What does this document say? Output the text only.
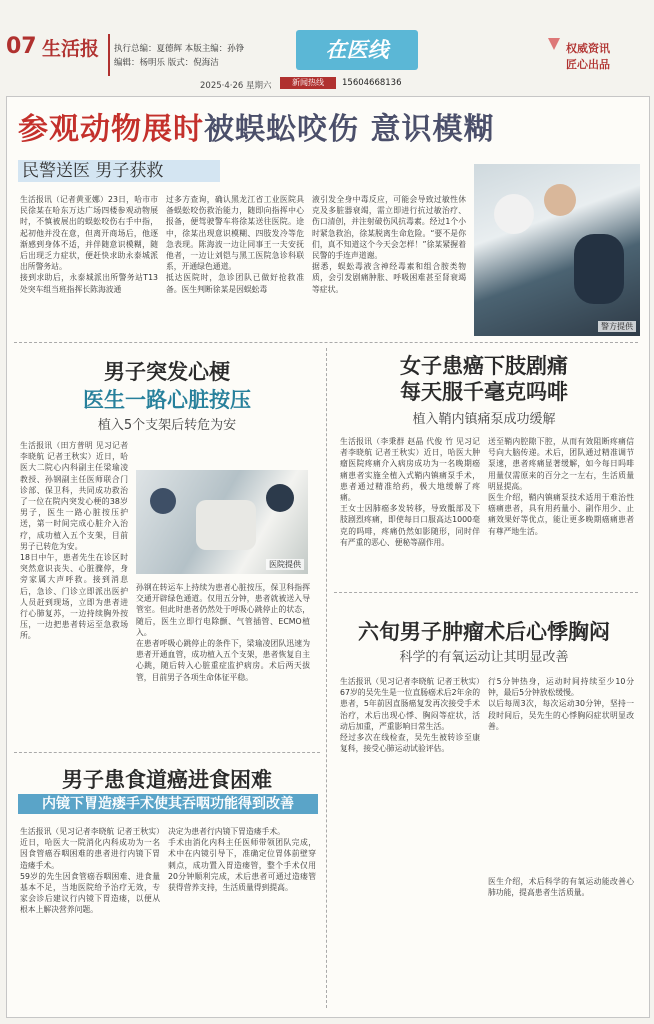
07 生活报 执行总编：夏德辉 本版主编：孙铮
编辑：杨明乐 版式：倪海洁
在医线	权威资讯
匠心出品
2025·4·26 星期六	新闻热线	15604668136
参观动物展时被蜈蚣咬伤 意识模糊
民警送医 男子获救
生活报讯（记者黄亚娜）23日，哈市市民徐某在哈东万达广场四楼参观动物展时，不慎被展出的蜈蚣咬伤右手中指，起初他并没在意，但离开商场后，他逐渐感到身体不适，并伴随意识模糊，随后出现乏力症状，便赶快求助永泰城派出所警务站。
接到求助后，永泰城派出所警务站T13处突车组当班指挥长陈海波通
过多方查询，确认黑龙江省工业医院具备蜈蚣咬伤救治能力，随即向指挥中心报备，便驾驶警车将徐某送往医院。途中，徐某出现意识模糊、四肢发冷等危急表现。陈海波一边让同事王一夫安抚他者，一边让刘铠与黑工医院急诊科联系，开通绿色通道。
抵达医院时，急诊团队已做好抢救准备。医生判断徐某是因蜈蚣毒
液引发全身中毒反应，可能会导致过敏性休克及多脏器衰竭，需立即进行抗过敏治疗、伤口清创，并注射破伤风抗毒素。经过1个小时紧急救治，徐某脱离生命危险。“要不是你们，真不知道这个今天会怎样！”徐某紧握着民警的手连声道谢。
据悉，蜈蚣毒液含神经毒素和组合胺类物质，会引发剧痛肿胀、呼吸困难甚至肾衰竭等症状。
警方提供
男子突发心梗
医生一路心脏按压
植入5个支架后转危为安
生活报讯（田方普明 见习记者李晓航 记者王秋实）近日，哈医大二院心内科副主任梁瑜凌教授、孙钢副主任医师联合门诊部、保卫科，共同成功救治了一位在院内突发心梗的38岁男子，医生一路心脏按压护送，第一时间完成心脏介入治疗，成功植入五个支架，目前男子已转危为安。
18日中午，患者先生在诊区时突然意识丧失、心脏骤停，身旁家属大声呼救。接到消息后，急诊、门诊立即派出医护人员赶到现场，立即为患者进行心肺复苏，一边持续胸外按压，一边把患者转运至急救场所。
医院提供
孙钢在转运车上持续为患者心脏按压，保卫科指挥交通开辟绿色通道。仅用五分钟，患者就被送入导管室。但此时患者仍然处于呼吸心跳停止的状态，随后，医生立即行电除颤、气管插管、ECMO植入。
在患者呼吸心跳停止的条件下，梁瑜凌团队迅速为患者开通血管，成功植入五个支架，患者恢复自主心跳，随后转入心脏重症监护病房。术后两天拔管，目前男子各项生命体征平稳。
男子患食道癌进食困难
内镜下胃造瘘手术使其吞咽功能得到改善
生活报讯（见习记者李晓航 记者王秋实）近日，哈医大一院消化内科成功为一名因食管癌吞咽困难的患者进行内镜下胃造瘘手术。
59岁的先生因食管癌吞咽困难、进食量基本不足，当地医院给予治疗无效，专家会诊后建议行内镜下胃造瘘，以便从根本上解决营养问题。
决定为患者行内镜下胃造瘘手术。
手术由消化内科主任医师带领团队完成，术中在内镜引导下，准确定位胃体前壁穿刺点，成功置入胃造瘘管，整个手术仅用20分钟顺利完成，术后患者可通过造瘘管获得营养支持，生活质量得到提高。
女子患癌下肢剧痛
每天服千毫克吗啡
植入鞘内镇痛泵成功缓解
生活报讯（李秉群 赵晶 代俊 竹 见习记者李晓航 记者王秋实）近日，哈医大肿瘤医院疼痛介入病房成功为一名晚期癌痛患者实施全植入式鞘内镇痛泵手术，患者通过精准给药，极大地缓解了疼痛。
王女士因肺癌多发转移，导致骶部及下肢剧烈疼痛，即使每日口服高达1000毫克的吗啡，疼痛仍然如影随形，同时伴有严重的恶心、便秘等副作用。
送至鞘内腔隙下腔，从而有效阻断疼痛信号向大脑传递。术后，团队通过精准调节泵速，患者疼痛显著缓解，如今每日吗啡用量仅需原来的百分之一左右，生活质量明显提高。
医生介绍，鞘内镇痛泵技术适用于难治性癌痛患者，具有用药量小、副作用少、止痛效果好等优点，能让更多晚期癌痛患者有尊严地生活。
六旬男子肿瘤术后心悸胸闷
科学的有氧运动让其明显改善
生活报讯（见习记者李晓航 记者王秋实）67岁的吴先生是一位直肠癌术后2年余的患者，5年前因直肠癌复发再次接受手术治疗，术后出现心悸、胸闷等症状，活动后加重，严重影响日常生活。
经过多次在线检查，吴先生被转诊至康复科，接受心肺运动试验评估。
行5分钟热身，运动时间持续至少10分钟，最后5分钟放松缓慢。
以后每周3次，每次运动30分钟，坚持一段时间后，吴先生的心悸胸闷症状明显改善。
医生介绍，术后科学的有氧运动能改善心肺功能，提高患者生活质量。
